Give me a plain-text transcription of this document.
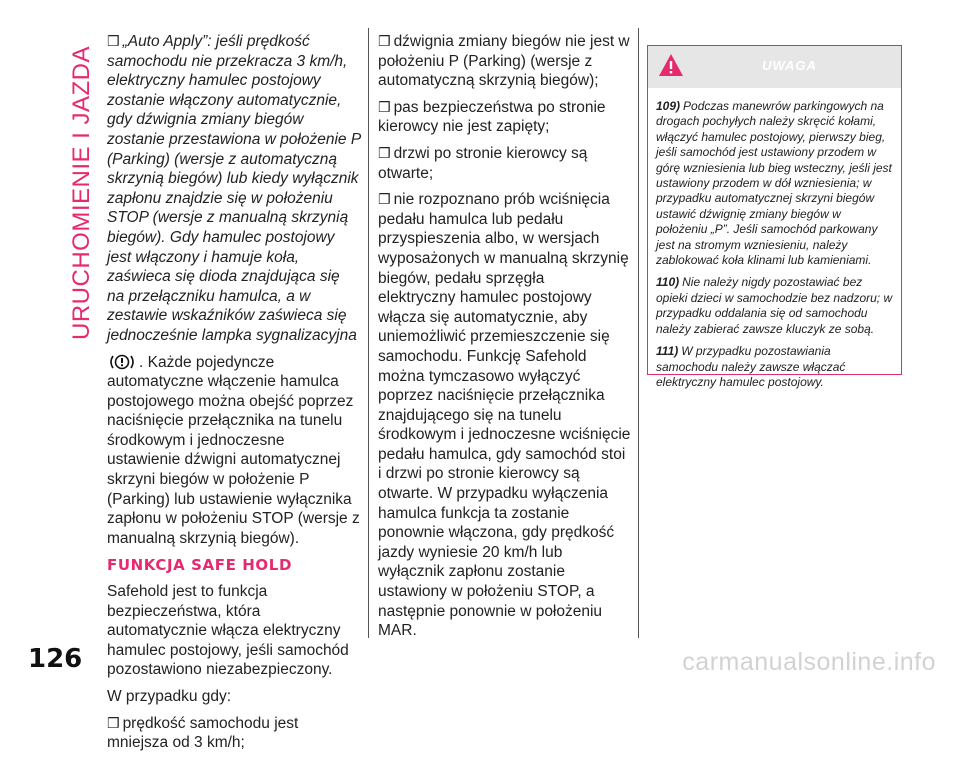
URUCHOMIENIE I JAZDA

❒ „Auto Apply”: jeśli prędkość samochodu nie przekracza 3 km/h, elektryczny hamulec postojowy zostanie włączony automatycznie, gdy dźwignia zmiany biegów zostanie przestawiona w położenie P (Parking) (wersje z automatyczną skrzynią biegów) lub kiedy wyłącznik zapłonu znajdzie się w położeniu STOP (wersje z manualną skrzynią biegów). Gdy hamulec postojowy jest włączony i hamuje koła, zaświeca się dioda znajdująca się na przełączniku hamulca, a w zestawie wskaźników zaświeca się jednocześnie lampka sygnalizacyjna

. Każde pojedyncze automatyczne włączenie hamulca postojowego można obejść poprzez naciśnięcie przełącznika na tunelu środkowym i jednoczesne ustawienie dźwigni automatycznej skrzyni biegów w położenie P (Parking) lub ustawienie wyłącznika zapłonu w położeniu STOP (wersje z manualną skrzynią biegów).

FUNKCJA SAFE HOLD

Safehold jest to funkcja bezpieczeństwa, która automatycznie włącza elektryczny hamulec postojowy, jeśli samochód pozostawiono niezabezpieczony.

W przypadku gdy:

❒ prędkość samochodu jest mniejsza od 3 km/h;

❒ dźwignia zmiany biegów nie jest w położeniu P (Parking) (wersje z automatyczną skrzynią biegów);

❒ pas bezpieczeństwa po stronie kierowcy nie jest zapięty;

❒ drzwi po stronie kierowcy są otwarte;

❒ nie rozpoznano prób wciśnięcia pedału hamulca lub pedału przyspieszenia albo, w wersjach wyposażonych w manualną skrzynię biegów, pedału sprzęgła

elektryczny hamulec postojowy włącza się automatycznie, aby uniemożliwić przemieszczenie się samochodu. Funkcję Safehold można tymczasowo wyłączyć poprzez naciśnięcie przełącznika znajdującego się na tunelu środkowym i jednoczesne wciśnięcie pedału hamulca, gdy samochód stoi i drzwi po stronie kierowcy są otwarte. W przypadku wyłączenia hamulca funkcja ta zostanie ponownie włączona, gdy prędkość jazdy wyniesie 20 km/h lub wyłącznik zapłonu zostanie ustawiony w położeniu STOP, a następnie ponownie w położeniu MAR.

UWAGA

109) Podczas manewrów parkingowych na drogach pochyłych należy skręcić kołami, włączyć hamulec postojowy, pierwszy bieg, jeśli samochód jest ustawiony przodem w górę wzniesienia lub bieg wsteczny, jeśli jest ustawiony przodem w dół wzniesienia; w przypadku automatycznej skrzyni biegów ustawić dźwignię zmiany biegów w położeniu „P”. Jeśli samochód parkowany jest na stromym wzniesieniu, należy zablokować koła klinami lub kamieniami.

110) Nie należy nigdy pozostawiać bez opieki dzieci w samochodzie bez nadzoru; w przypadku oddalania się od samochodu należy zabierać zawsze kluczyk ze sobą.

111) W przypadku pozostawiania samochodu należy zawsze włączać elektryczny hamulec postojowy.

126	carmanualsonline.info
